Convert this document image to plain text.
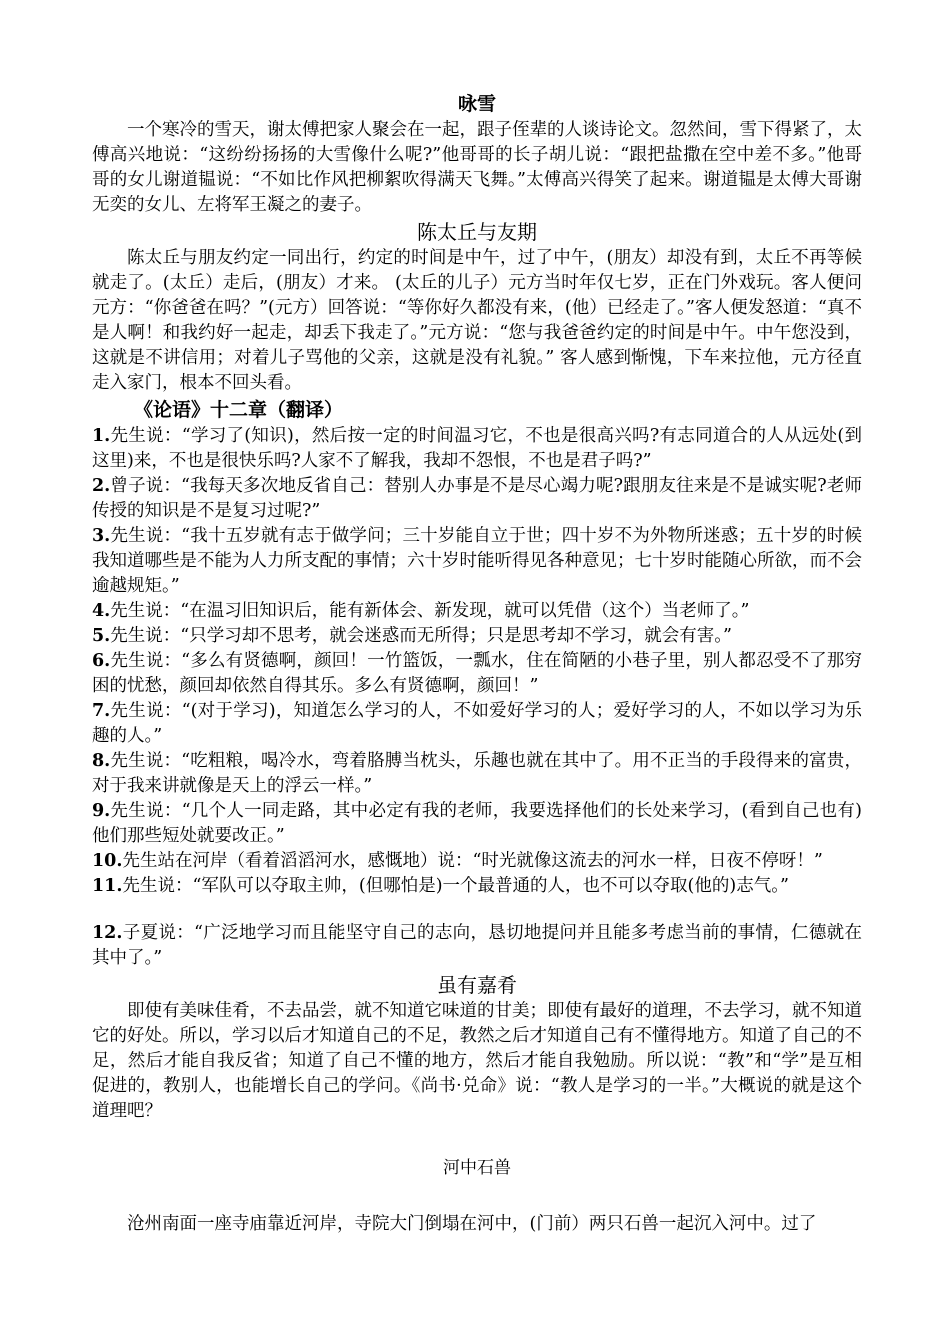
咏雪

一个寒冷的雪天，谢太傅把家人聚会在一起，跟子侄辈的人谈诗论文。忽然间，雪下得紧了，太傅高兴地说：“这纷纷扬扬的大雪像什么呢?”他哥哥的长子胡儿说：“跟把盐撒在空中差不多。”他哥哥的女儿谢道韫说：“不如比作风把柳絮吹得满天飞舞。”太傅高兴得笑了起来。谢道韫是太傅大哥谢无奕的女儿、左将军王凝之的妻子。

陈太丘与友期

陈太丘与朋友约定一同出行，约定的时间是中午，过了中午，(朋友）却没有到，太丘不再等候就走了。(太丘）走后，(朋友）才来。 (太丘的儿子）元方当时年仅七岁，正在门外戏玩。客人便问元方：“你爸爸在吗？”(元方）回答说：“等你好久都没有来，(他）已经走了。”客人便发怒道：“真不是人啊！和我约好一起走，却丢下我走了。”元方说：“您与我爸爸约定的时间是中午。中午您没到，这就是不讲信用；对着儿子骂他的父亲，这就是没有礼貌。” 客人感到惭愧，下车来拉他，元方径直走入家门，根本不回头看。

《论语》十二章（翻译）

1.先生说：“学习了(知识)，然后按一定的时间温习它，不也是很高兴吗?有志同道合的人从远处(到这里)来，不也是很快乐吗?人家不了解我，我却不怨恨，不也是君子吗?”

2.曾子说：“我每天多次地反省自己：替别人办事是不是尽心竭力呢?跟朋友往来是不是诚实呢?老师传授的知识是不是复习过呢?”

3.先生说：“我十五岁就有志于做学问；三十岁能自立于世；四十岁不为外物所迷惑；五十岁的时候我知道哪些是不能为人力所支配的事情；六十岁时能听得见各种意见；七十岁时能随心所欲，而不会逾越规矩。”

4.先生说：“在温习旧知识后，能有新体会、新发现，就可以凭借（这个）当老师了。”

5.先生说：“只学习却不思考，就会迷惑而无所得；只是思考却不学习，就会有害。”

6.先生说：“多么有贤德啊，颜回！一竹篮饭，一瓢水，住在简陋的小巷子里，别人都忍受不了那穷困的忧愁，颜回却依然自得其乐。多么有贤德啊，颜回！”

7.先生说：“(对于学习)，知道怎么学习的人，不如爱好学习的人；爱好学习的人，不如以学习为乐趣的人。”

8.先生说：“吃粗粮，喝冷水，弯着胳膊当枕头，乐趣也就在其中了。用不正当的手段得来的富贵，对于我来讲就像是天上的浮云一样。”

9.先生说：“几个人一同走路，其中必定有我的老师，我要选择他们的长处来学习，(看到自己也有)他们那些短处就要改正。”

10.先生站在河岸（看着滔滔河水，感慨地）说：“时光就像这流去的河水一样，日夜不停呀！”

11.先生说：“军队可以夺取主帅，(但哪怕是)一个最普通的人，也不可以夺取(他的)志气。”

12.子夏说：“广泛地学习而且能坚守自己的志向，恳切地提问并且能多考虑当前的事情，仁德就在其中了。”

虽有嘉肴

即使有美味佳肴，不去品尝，就不知道它味道的甘美；即使有最好的道理，不去学习，就不知道它的好处。所以，学习以后才知道自己的不足，教然之后才知道自己有不懂得地方。知道了自己的不足，然后才能自我反省；知道了自己不懂的地方，然后才能自我勉励。所以说：“教”和“学”是互相促进的，教别人，也能增长自己的学问。《尚书·兑命》说：“教人是学习的一半。”大概说的就是这个道理吧？

河中石兽

沧州南面一座寺庙靠近河岸，寺院大门倒塌在河中，(门前）两只石兽一起沉入河中。过了
